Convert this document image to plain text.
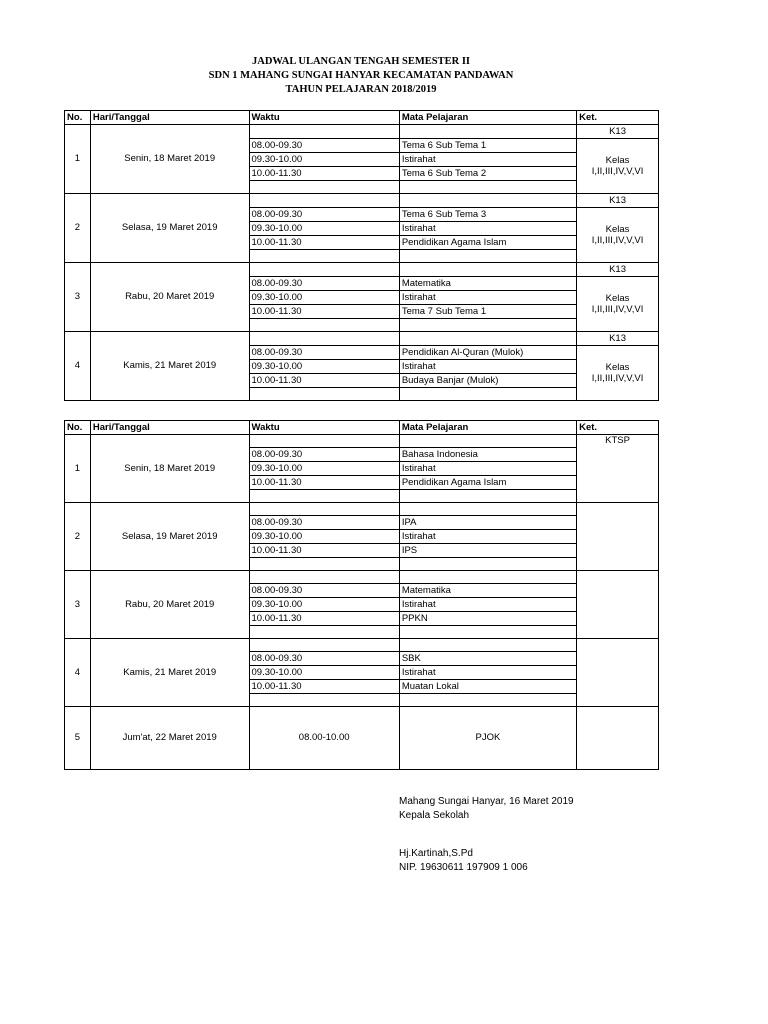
JADWAL ULANGAN TENGAH SEMESTER II
SDN 1 MAHANG SUNGAI HANYAR KECAMATAN PANDAWAN
TAHUN PELAJARAN 2018/2019
No.	Hari/Tanggal	Waktu	Mata Pelajaran	Ket.
1	Senin, 18 Maret 2019			K13
		08.00-09.30	Tema 6 Sub Tema 1	Kelas
I,II,III,IV,V,VI

		09.30-10.00	Istirahat	
		10.00-11.30	Tema 6 Sub Tema 2	

2	Selasa, 19 Maret 2019			K13
		08.00-09.30	Tema 6 Sub Tema 3	Kelas
I,II,III,IV,V,VI

		09.30-10.00	Istirahat	
		10.00-11.30	Pendidikan Agama Islam	

3	Rabu, 20 Maret 2019			K13
		08.00-09.30	Matematika	Kelas
I,II,III,IV,V,VI

		09.30-10.00	Istirahat	
		10.00-11.30	Tema 7 Sub Tema 1	

4	Kamis, 21 Maret 2019			K13
		08.00-09.30	Pendidikan Al-Quran (Mulok)	Kelas
I,II,III,IV,V,VI

		09.30-10.00	Istirahat	
		10.00-11.30	Budaya Banjar (Mulok)	

No.	Hari/Tanggal	Waktu	Mata Pelajaran	Ket.
1	Senin, 18 Maret 2019			KTSP
		08.00-09.30	Bahasa Indonesia	
		09.30-10.00	Istirahat	
		10.00-11.30	Pendidikan Agama Islam	

2	Selasa, 19 Maret 2019			
		08.00-09.30	IPA	
		09.30-10.00	Istirahat	
		10.00-11.30	IPS	

3	Rabu, 20 Maret 2019			
		08.00-09.30	Matematika	
		09.30-10.00	Istirahat	
		10.00-11.30	PPKN	

4	Kamis, 21 Maret 2019			
		08.00-09.30	SBK	
		09.30-10.00	Istirahat	
		10.00-11.30	Muatan Lokal	

5	Jum'at, 22 Maret 2019	08.00-10.00	PJOK	
Mahang Sungai Hanyar, 16 Maret 2019
Kepala Sekolah
Hj.Kartinah,S.Pd
NIP. 19630611 197909 1 006
